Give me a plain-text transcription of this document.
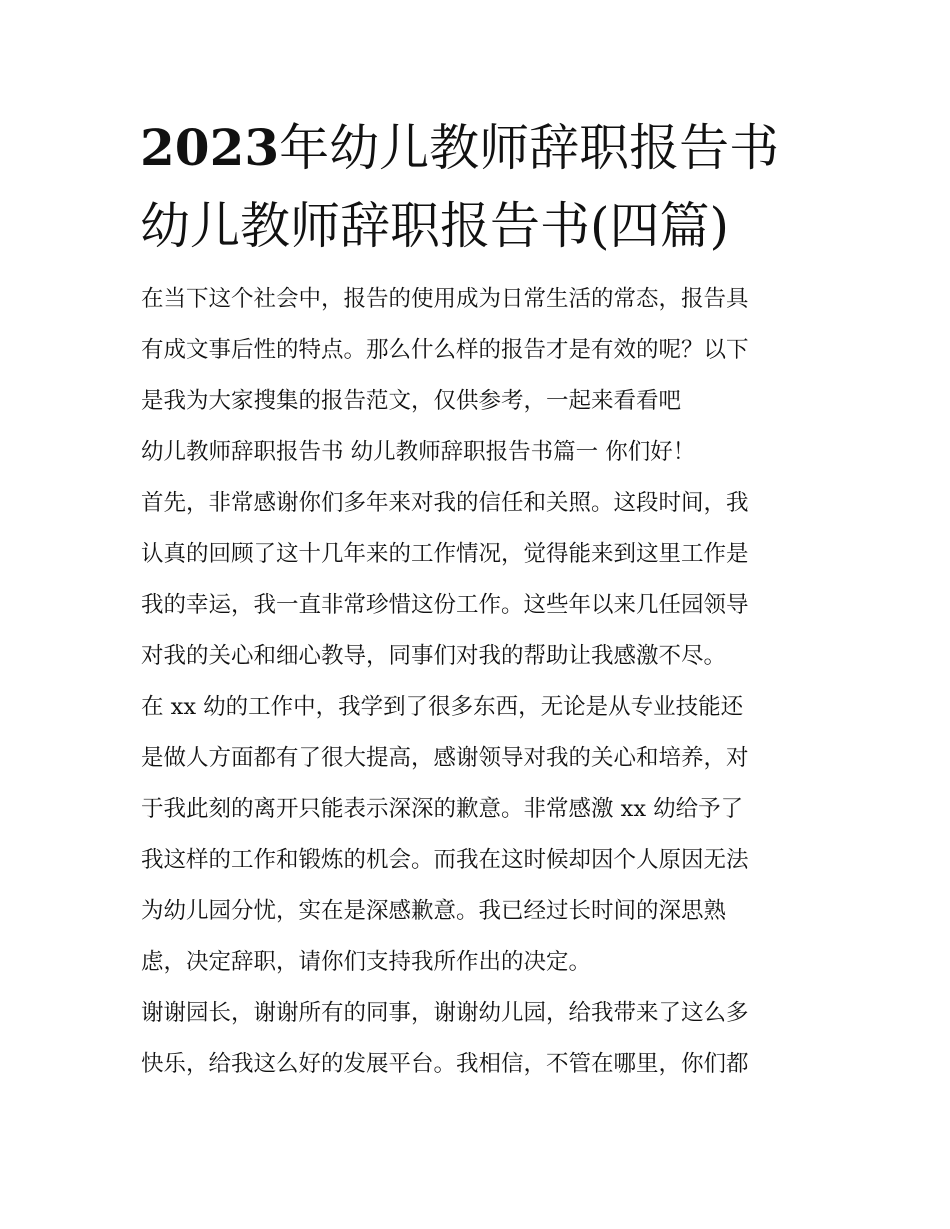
2023年幼儿教师辞职报告书
幼儿教师辞职报告书(四篇)
在当下这个社会中，报告的使用成为日常生活的常态，报告具
有成文事后性的特点。那么什么样的报告才是有效的呢？以下
是我为大家搜集的报告范文，仅供参考，一起来看看吧
幼儿教师辞职报告书 幼儿教师辞职报告书篇一 你们好！
首先，非常感谢你们多年来对我的信任和关照。这段时间，我
认真的回顾了这十几年来的工作情况，觉得能来到这里工作是
我的幸运，我一直非常珍惜这份工作。这些年以来几任园领导
对我的关心和细心教导，同事们对我的帮助让我感激不尽。
在 xx 幼的工作中，我学到了很多东西，无论是从专业技能还
是做人方面都有了很大提高，感谢领导对我的关心和培养，对
于我此刻的离开只能表示深深的歉意。非常感激 xx 幼给予了
我这样的工作和锻炼的机会。而我在这时候却因个人原因无法
为幼儿园分忧，实在是深感歉意。我已经过长时间的深思熟
虑，决定辞职，请你们支持我所作出的决定。
谢谢园长，谢谢所有的同事，谢谢幼儿园，给我带来了这么多
快乐，给我这么好的发展平台。我相信，不管在哪里，你们都
